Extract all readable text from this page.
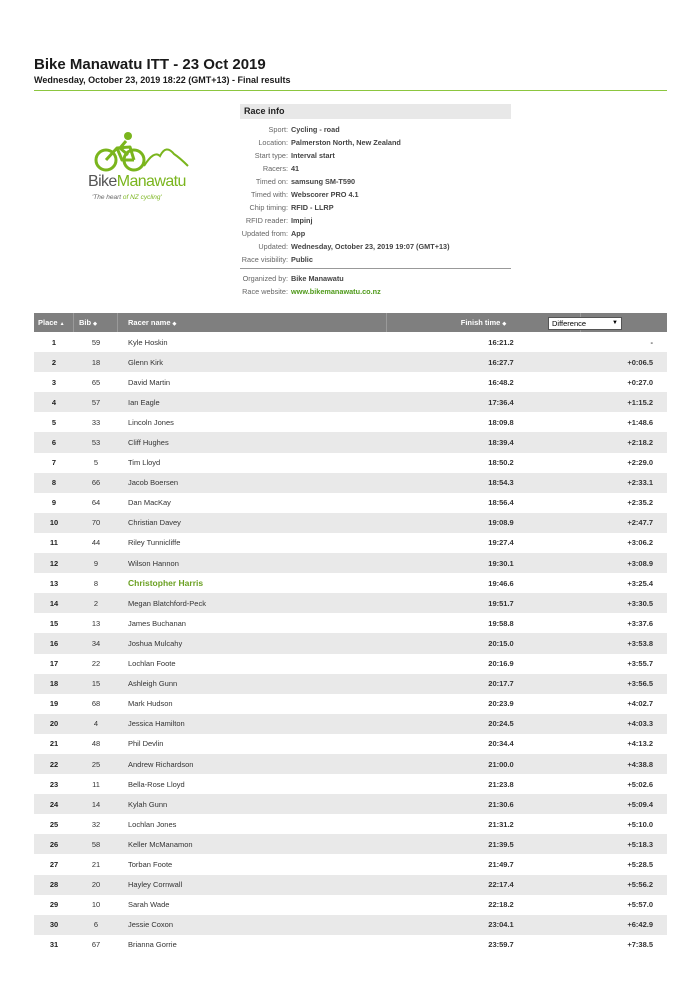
Bike Manawatu ITT - 23 Oct 2019
Wednesday, October 23, 2019 18:22 (GMT+13) - Final results
BikeManawatu
'The heart of NZ cycling'
Race info
Sport: Cycling - road
Location: Palmerston North, New Zealand
Start type: Interval start
Racers: 41
Timed on: samsung SM-T590
Timed with: Webscorer PRO 4.1
Chip timing: RFID - LLRP
RFID reader: Impinj
Updated from: App
Updated: Wednesday, October 23, 2019 19:07 (GMT+13)
Race visibility: Public
Organized by: Bike Manawatu
Race website: www.bikemanawatu.co.nz
Place ▲	Bib ◆	Racer name ◆	Finish time ◆	Difference	▼
1	59	Kyle Hoskin	16:21.2	-
2	18	Glenn Kirk	16:27.7	+0:06.5
3	65	David Martin	16:48.2	+0:27.0
4	57	Ian Eagle	17:36.4	+1:15.2
5	33	Lincoln Jones	18:09.8	+1:48.6
6	53	Cliff Hughes	18:39.4	+2:18.2
7	5	Tim Lloyd	18:50.2	+2:29.0
8	66	Jacob Boersen	18:54.3	+2:33.1
9	64	Dan MacKay	18:56.4	+2:35.2
10	70	Christian Davey	19:08.9	+2:47.7
11	44	Riley Tunnicliffe	19:27.4	+3:06.2
12	9	Wilson Hannon	19:30.1	+3:08.9
13	8	Christopher Harris	19:46.6	+3:25.4
14	2	Megan Blatchford-Peck	19:51.7	+3:30.5
15	13	James Buchanan	19:58.8	+3:37.6
16	34	Joshua Mulcahy	20:15.0	+3:53.8
17	22	Lochlan Foote	20:16.9	+3:55.7
18	15	Ashleigh Gunn	20:17.7	+3:56.5
19	68	Mark Hudson	20:23.9	+4:02.7
20	4	Jessica Hamilton	20:24.5	+4:03.3
21	48	Phil Devlin	20:34.4	+4:13.2
22	25	Andrew Richardson	21:00.0	+4:38.8
23	11	Bella-Rose Lloyd	21:23.8	+5:02.6
24	14	Kylah Gunn	21:30.6	+5:09.4
25	32	Lochlan Jones	21:31.2	+5:10.0
26	58	Keller McManamon	21:39.5	+5:18.3
27	21	Torban Foote	21:49.7	+5:28.5
28	20	Hayley Cornwall	22:17.4	+5:56.2
29	10	Sarah Wade	22:18.2	+5:57.0
30	6	Jessie Coxon	23:04.1	+6:42.9
31	67	Brianna Gorrie	23:59.7	+7:38.5
